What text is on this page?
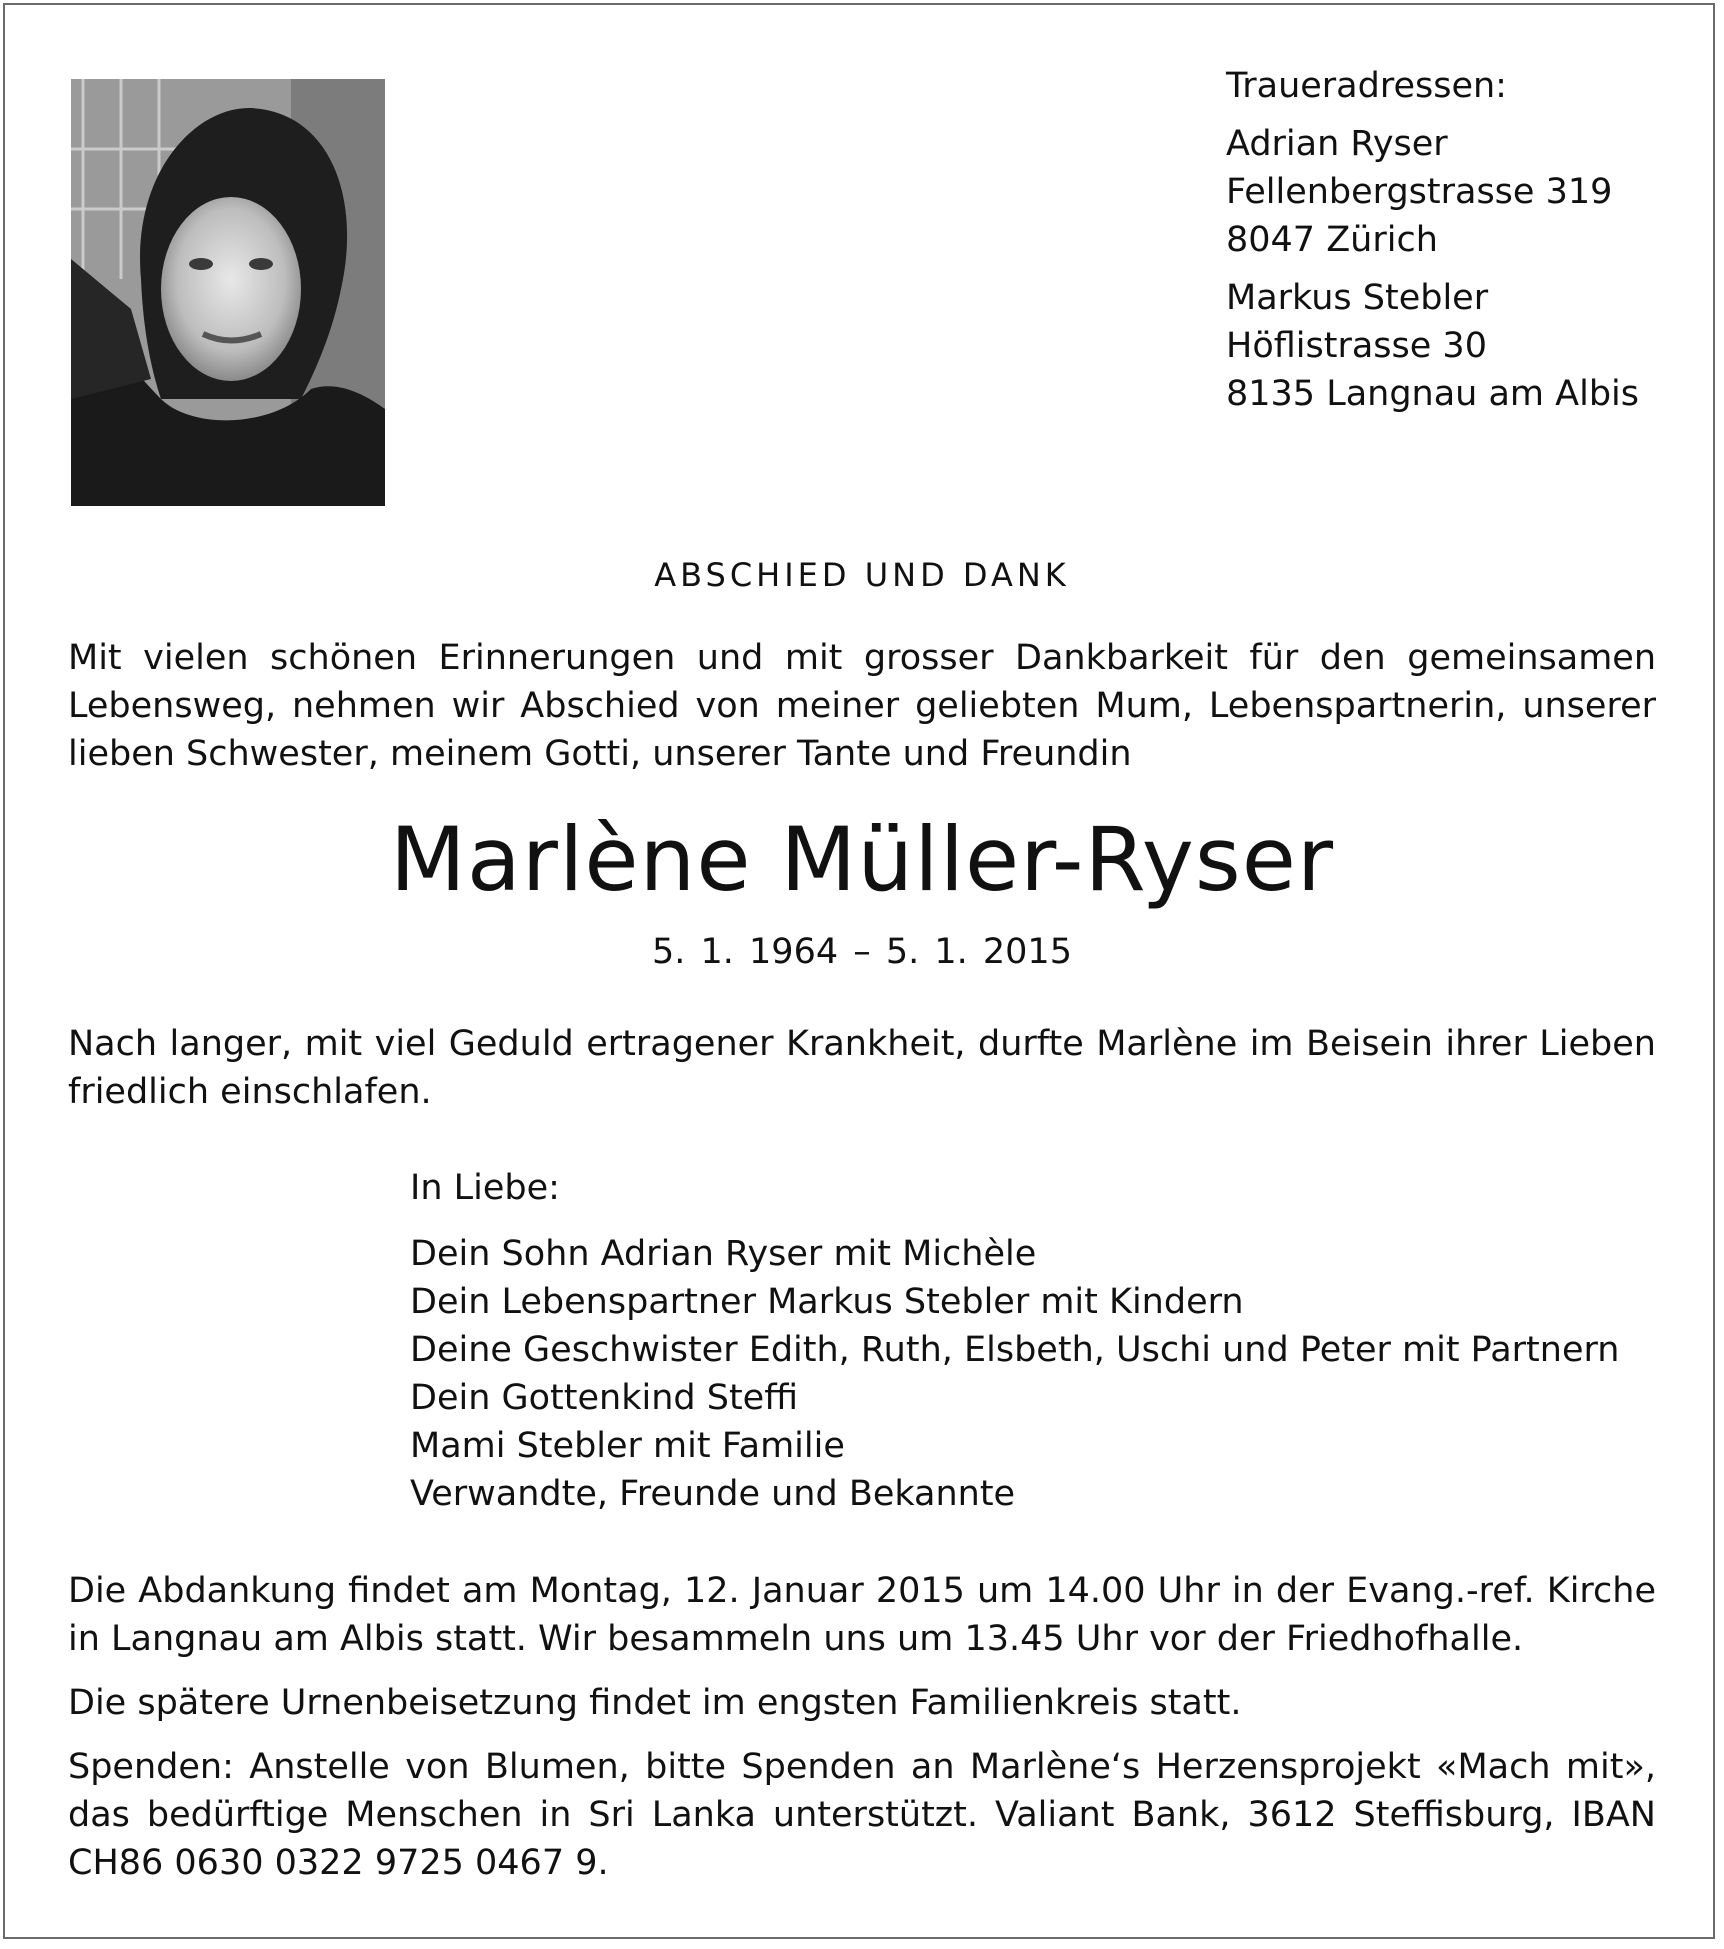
Traueradressen:
Adrian Ryser
Fellenbergstrasse 319
8047 Zürich
Markus Stebler
Höflistrasse 30
8135 Langnau am Albis
ABSCHIED UND DANK
Mit vielen schönen Erinnerungen und mit grosser Dankbarkeit für den gemeinsamen Lebensweg, nehmen wir Abschied von meiner geliebten Mum, Lebenspartnerin, unserer lieben Schwester, meinem Gotti, unserer Tante und Freundin
Marlène Müller-Ryser
5. 1. 1964 – 5. 1. 2015
Nach langer, mit viel Geduld ertragener Krankheit, durfte Marlène im Beisein ihrer Lieben friedlich einschlafen.
In Liebe:
Dein Sohn Adrian Ryser mit Michèle
Dein Lebenspartner Markus Stebler mit Kindern
Deine Geschwister Edith, Ruth, Elsbeth, Uschi und Peter mit Partnern
Dein Gottenkind Steffi
Mami Stebler mit Familie
Verwandte, Freunde und Bekannte
Die Abdankung findet am Montag, 12. Januar 2015 um 14.00 Uhr in der Evang.-ref. Kirche in Langnau am Albis statt. Wir besammeln uns um 13.45 Uhr vor der Friedhofhalle.
Die spätere Urnenbeisetzung findet im engsten Familienkreis statt.
Spenden: Anstelle von Blumen, bitte Spenden an Marlène‘s Herzensprojekt «Mach mit», das bedürftige Menschen in Sri Lanka unterstützt. Valiant Bank, 3612 Steffisburg, IBAN CH86 0630 0322 9725 0467 9.
